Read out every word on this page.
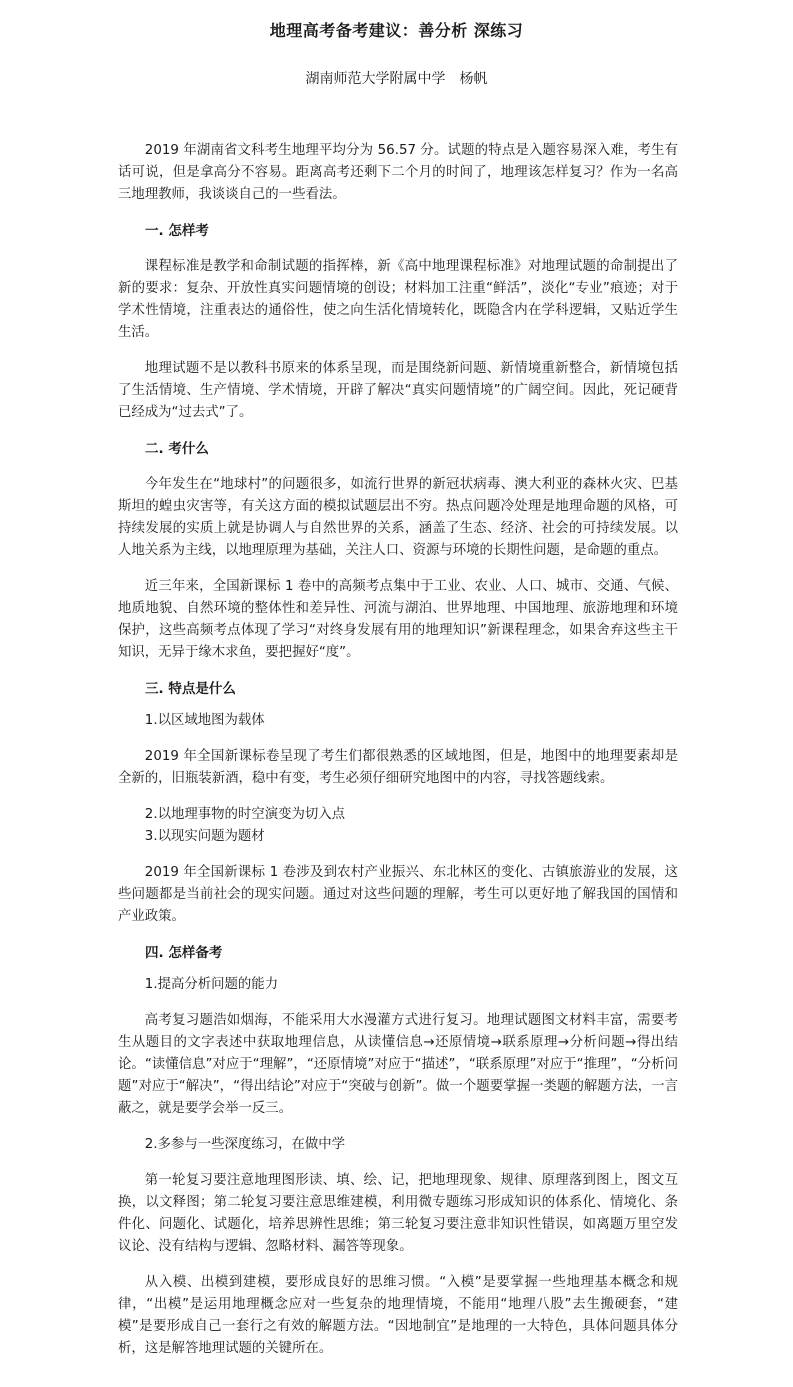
地理高考备考建议：善分析 深练习
湖南师范大学附属中学　杨帆

2019 年湖南省文科考生地理平均分为 56.57 分。试题的特点是入题容易深入难，考生有话可说，但是拿高分不容易。距离高考还剩下二个月的时间了，地理该怎样复习？作为一名高三地理教师，我谈谈自己的一些看法。

一. 怎样考

课程标准是教学和命制试题的指挥棒，新《高中地理课程标准》对地理试题的命制提出了新的要求：复杂、开放性真实问题情境的创设；材料加工注重“鲜活”，淡化“专业”痕迹；对于学术性情境，注重表达的通俗性，使之向生活化情境转化，既隐含内在学科逻辑，又贴近学生生活。

地理试题不是以教科书原来的体系呈现，而是围绕新问题、新情境重新整合，新情境包括了生活情境、生产情境、学术情境，开辟了解决“真实问题情境”的广阔空间。因此，死记硬背已经成为“过去式”了。

二. 考什么

今年发生在“地球村”的问题很多，如流行世界的新冠状病毒、澳大利亚的森林火灾、巴基斯坦的蝗虫灾害等，有关这方面的模拟试题层出不穷。热点问题冷处理是地理命题的风格，可持续发展的实质上就是协调人与自然世界的关系，涵盖了生态、经济、社会的可持续发展。以人地关系为主线，以地理原理为基础，关注人口、资源与环境的长期性问题，是命题的重点。

近三年来，全国新课标 1 卷中的高频考点集中于工业、农业、人口、城市、交通、气候、地质地貌、自然环境的整体性和差异性、河流与湖泊、世界地理、中国地理、旅游地理和环境保护，这些高频考点体现了学习“对终身发展有用的地理知识”新课程理念，如果舍弃这些主干知识，无异于缘木求鱼，要把握好“度”。

三. 特点是什么

1.以区域地图为载体

2019 年全国新课标卷呈现了考生们都很熟悉的区域地图，但是，地图中的地理要素却是全新的，旧瓶装新酒，稳中有变，考生必须仔细研究地图中的内容，寻找答题线索。

2.以地理事物的时空演变为切入点

3.以现实问题为题材

2019 年全国新课标 1 卷涉及到农村产业振兴、东北林区的变化、古镇旅游业的发展，这些问题都是当前社会的现实问题。通过对这些问题的理解，考生可以更好地了解我国的国情和产业政策。

四. 怎样备考

1.提高分析问题的能力

高考复习题浩如烟海，不能采用大水漫灌方式进行复习。地理试题图文材料丰富，需要考生从题目的文字表述中获取地理信息，从读懂信息→还原情境→联系原理→分析问题→得出结论。“读懂信息”对应于“理解”，“还原情境”对应于“描述”，“联系原理”对应于“推理”，“分析问题”对应于“解决”，“得出结论”对应于“突破与创新”。做一个题要掌握一类题的解题方法，一言蔽之，就是要学会举一反三。

2.多参与一些深度练习，在做中学

第一轮复习要注意地理图形读、填、绘、记，把地理现象、规律、原理落到图上，图文互换，以文释图；第二轮复习要注意思维建模，利用微专题练习形成知识的体系化、情境化、条件化、问题化、试题化，培养思辨性思维；第三轮复习要注意非知识性错误，如离题万里空发议论、没有结构与逻辑、忽略材料、漏答等现象。

从入模、出模到建模，要形成良好的思维习惯。“入模”是要掌握一些地理基本概念和规律，“出模”是运用地理概念应对一些复杂的地理情境，不能用“地理八股”去生搬硬套，“建模”是要形成自己一套行之有效的解题方法。“因地制宜”是地理的一大特色，具体问题具体分析，这是解答地理试题的关键所在。
